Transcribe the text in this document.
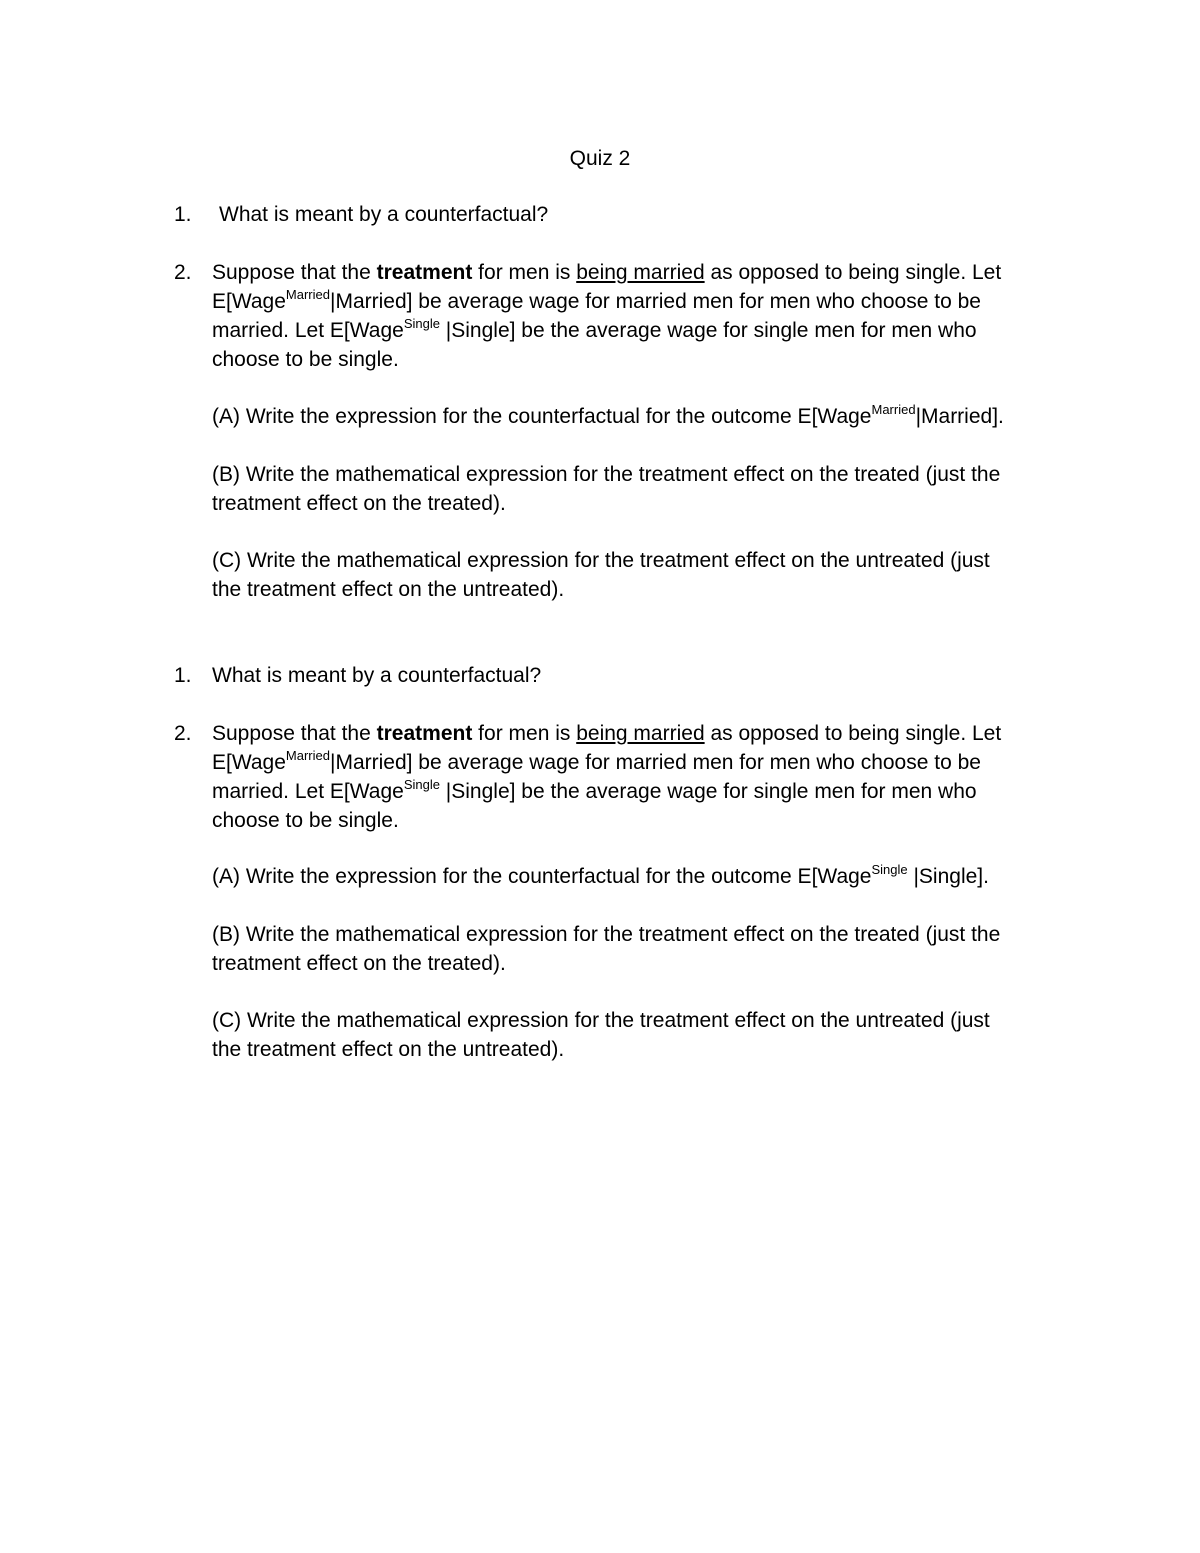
Quiz 2
1.	What is meant by a counterfactual?
2. Suppose that the treatment for men is being married as opposed to being single. Let
E[Wage$^{Married}$|Married] be average wage for married men for men who choose to be
married. Let E[Wage$^{Single}$ |Single] be the average wage for single men for men who
choose to be single.
(A) Write the expression for the counterfactual for the outcome E[Wage$^{Married}$|Married].
(B) Write the mathematical expression for the treatment effect on the treated (just the
treatment effect on the treated).
(C) Write the mathematical expression for the treatment effect on the untreated (just
the treatment effect on the untreated).
1. What is meant by a counterfactual?
2. Suppose that the treatment for men is being married as opposed to being single. Let
E[Wage$^{Married}$|Married] be average wage for married men for men who choose to be
married. Let E[Wage$^{Single}$ |Single] be the average wage for single men for men who
choose to be single.
(A) Write the expression for the counterfactual for the outcome E[Wage$^{Single}$ |Single].
(B) Write the mathematical expression for the treatment effect on the treated (just the
treatment effect on the treated).
(C) Write the mathematical expression for the treatment effect on the untreated (just
the treatment effect on the untreated).
